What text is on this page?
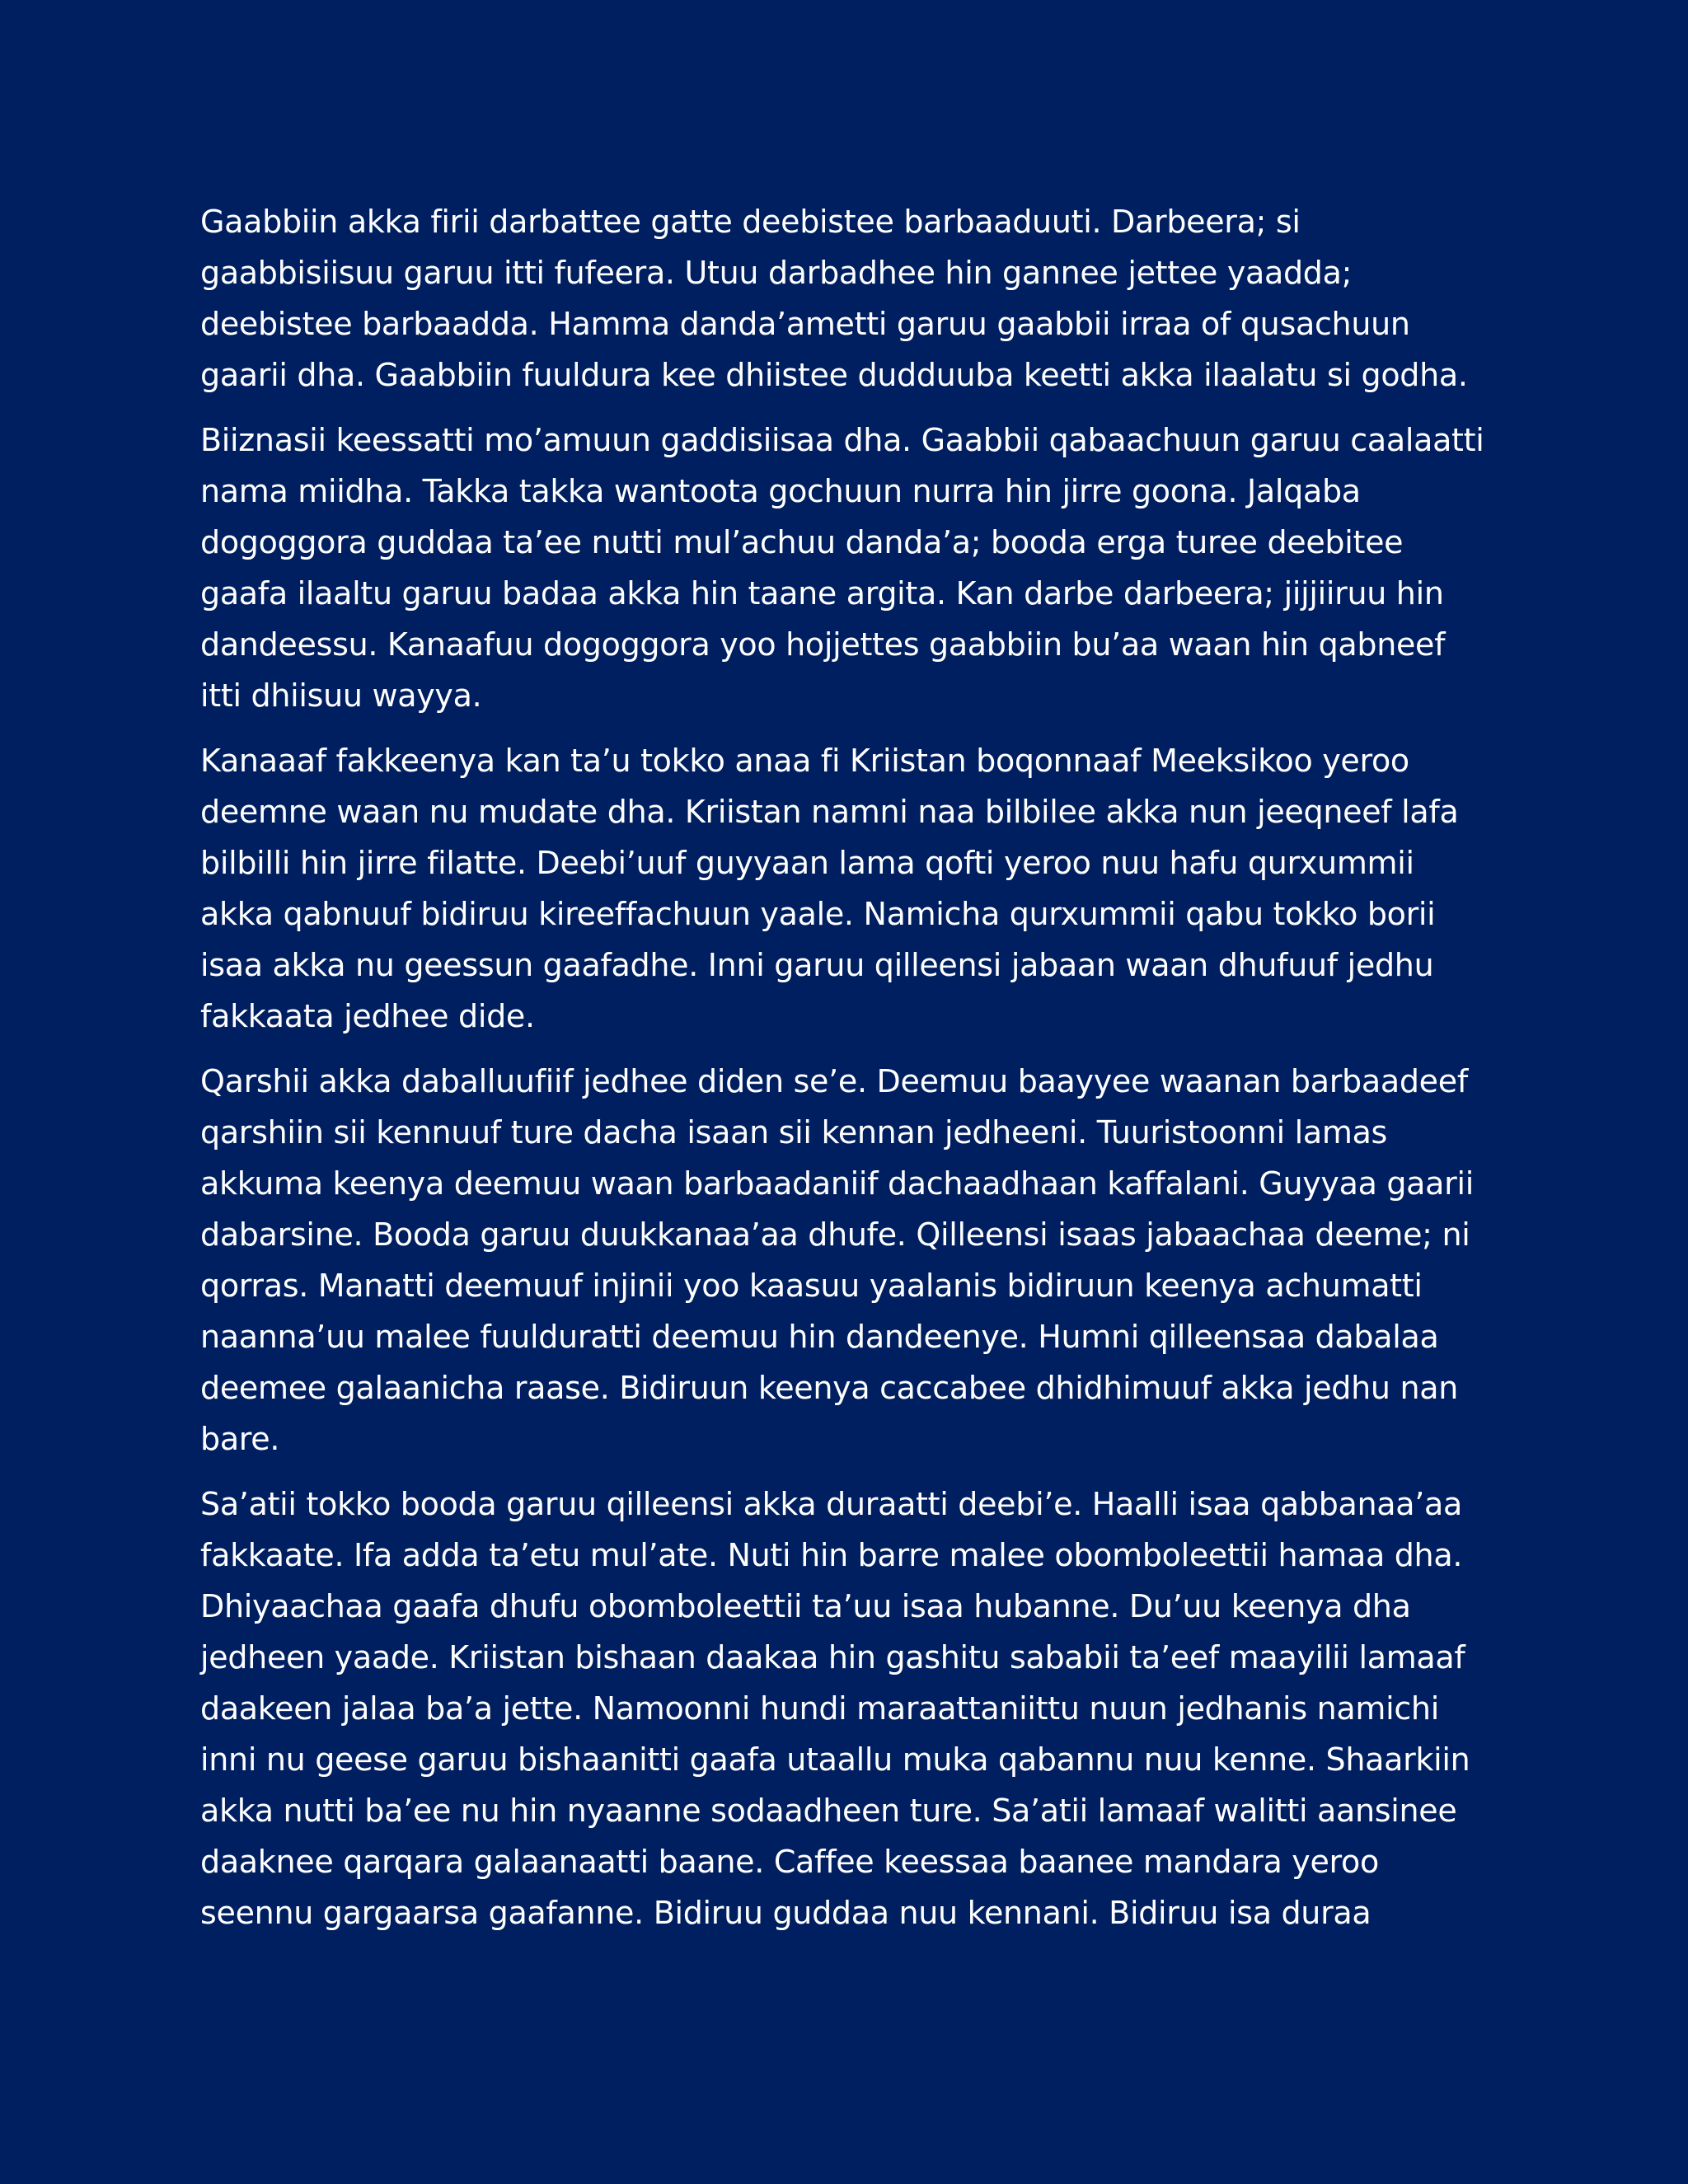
Gaabbiin akka firii darbattee gatte deebistee barbaaduuti. Darbeera; si
gaabbisiisuu garuu itti fufeera. Utuu darbadhee hin gannee jettee yaadda;
deebistee barbaadda. Hamma danda’ametti garuu gaabbii irraa of qusachuun
gaarii dha. Gaabbiin fuuldura kee dhiistee dudduuba keetti akka ilaalatu si godha.

Biiznasii keessatti mo’amuun gaddisiisaa dha. Gaabbii qabaachuun garuu caalaatti
nama miidha. Takka takka wantoota gochuun nurra hin jirre goona. Jalqaba
dogoggora guddaa ta’ee nutti mul’achuu danda’a; booda erga turee deebitee
gaafa ilaaltu garuu badaa akka hin taane argita. Kan darbe darbeera; jijjiiruu hin
dandeessu. Kanaafuu dogoggora yoo hojjettes gaabbiin bu’aa waan hin qabneef
itti dhiisuu wayya.

Kanaaaf fakkeenya kan ta’u tokko anaa fi Kriistan boqonnaaf Meeksikoo yeroo
deemne waan nu mudate dha. Kriistan namni naa bilbilee akka nun jeeqneef lafa
bilbilli hin jirre filatte. Deebi’uuf guyyaan lama qofti yeroo nuu hafu qurxummii
akka qabnuuf bidiruu kireeffachuun yaale. Namicha qurxummii qabu tokko borii
isaa akka nu geessun gaafadhe. Inni garuu qilleensi jabaan waan dhufuuf jedhu
fakkaata jedhee dide.

Qarshii akka daballuufiif jedhee diden se’e. Deemuu baayyee waanan barbaadeef
qarshiin sii kennuuf ture dacha isaan sii kennan jedheeni. Tuuristoonni lamas
akkuma keenya deemuu waan barbaadaniif dachaadhaan kaffalani. Guyyaa gaarii
dabarsine. Booda garuu duukkanaa’aa dhufe. Qilleensi isaas jabaachaa deeme; ni
qorras. Manatti deemuuf injinii yoo kaasuu yaalanis bidiruun keenya achumatti
naanna’uu malee fuulduratti deemuu hin dandeenye. Humni qilleensaa dabalaa
deemee galaanicha raase. Bidiruun keenya caccabee dhidhimuuf akka jedhu nan
bare.

Sa’atii tokko booda garuu qilleensi akka duraatti deebi’e. Haalli isaa qabbanaa’aa
fakkaate. Ifa adda ta’etu mul’ate. Nuti hin barre malee obomboleettii hamaa dha.
Dhiyaachaa gaafa dhufu obomboleettii ta’uu isaa hubanne. Du’uu keenya dha
jedheen yaade. Kriistan bishaan daakaa hin gashitu sababii ta’eef maayilii lamaaf
daakeen jalaa ba’a jette. Namoonni hundi maraattaniittu nuun jedhanis namichi
inni nu geese garuu bishaanitti gaafa utaallu muka qabannu nuu kenne. Shaarkiin
akka nutti ba’ee nu hin nyaanne sodaadheen ture. Sa’atii lamaaf walitti aansinee
daaknee qarqara galaanaatti baane. Caffee keessaa baanee mandara yeroo
seennu gargaarsa gaafanne. Bidiruu guddaa nuu kennani. Bidiruu isa duraa
